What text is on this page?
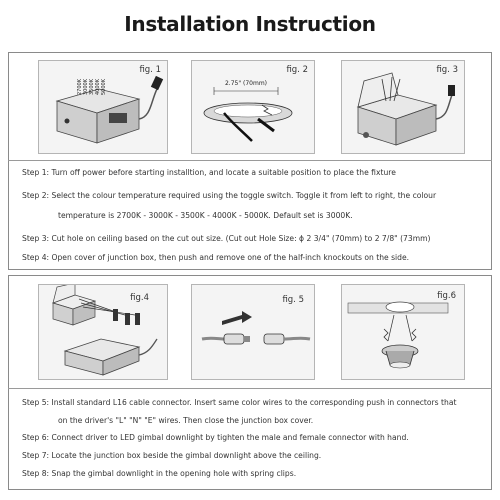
Installation Instruction
fig. 1
2700K 3000K 3500K 4000K 5000K
fig. 2
2.75" (70mm)
fig. 3
Step 1: Turn off power before starting installtion, and locate a suitable position to place the fixture
Step 2: Select the colour temperature required using the toggle switch. Toggle it from left to right, the colour
temperature is 2700K - 3000K - 3500K - 4000K - 5000K. Default set is 3000K.
Step 3: Cut hole on ceiling based on the cut out size. (Cut out Hole Size: ϕ 2 3/4" (70mm) to 2 7/8" (73mm)
Step 4: Open cover of junction box, then push and remove one of the half-inch knockouts on the side.
fig.4	fig. 5	fig.6
Step 5: Install standard L16 cable connector. Insert same color wires to the corresponding push in connectors that
on the driver's "L" "N" "E" wires. Then close the junction box cover.
Step 6: Connect driver to LED gimbal downlight by tighten the male and female connector with hand.
Step 7: Locate the junction box beside the gimbal downlight above the ceiling.
Step 8: Snap the gimbal downlight in the opening hole with spring clips.
